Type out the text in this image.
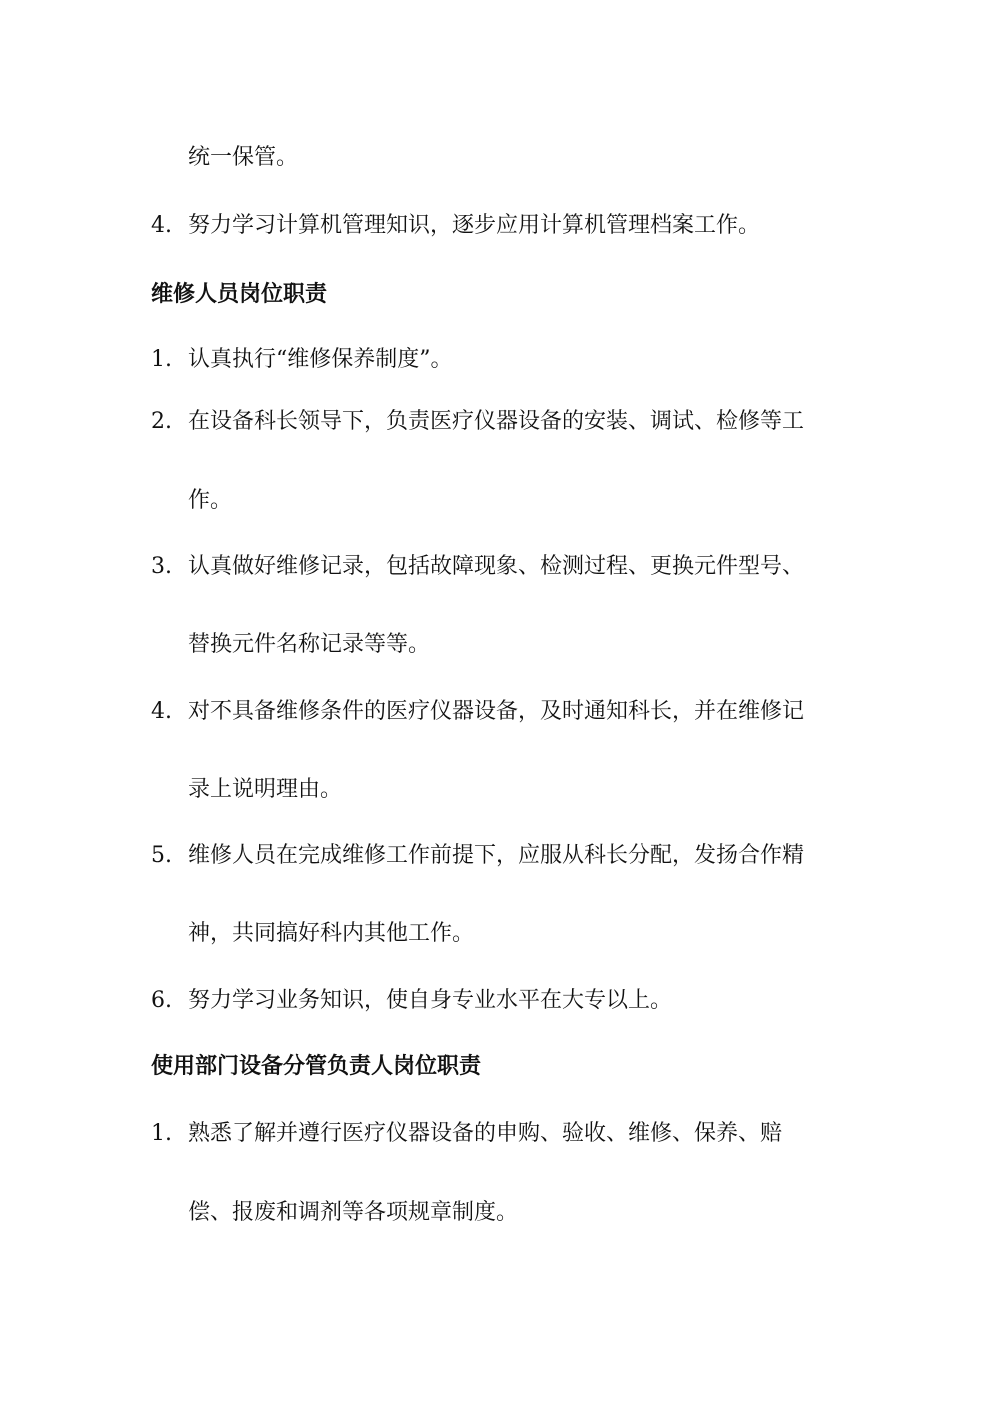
统一保管。
4. 努力学习计算机管理知识，逐步应用计算机管理档案工作。
维修人员岗位职责
1. 认真执行“维修保养制度”。
2. 在设备科长领导下，负责医疗仪器设备的安装、调试、检修等工
作。
3. 认真做好维修记录，包括故障现象、检测过程、更换元件型号、
替换元件名称记录等等。
4. 对不具备维修条件的医疗仪器设备，及时通知科长，并在维修记
录上说明理由。
5. 维修人员在完成维修工作前提下，应服从科长分配，发扬合作精
神，共同搞好科内其他工作。
6. 努力学习业务知识，使自身专业水平在大专以上。
使用部门设备分管负责人岗位职责
1. 熟悉了解并遵行医疗仪器设备的申购、验收、维修、保养、赔
偿、报废和调剂等各项规章制度。
